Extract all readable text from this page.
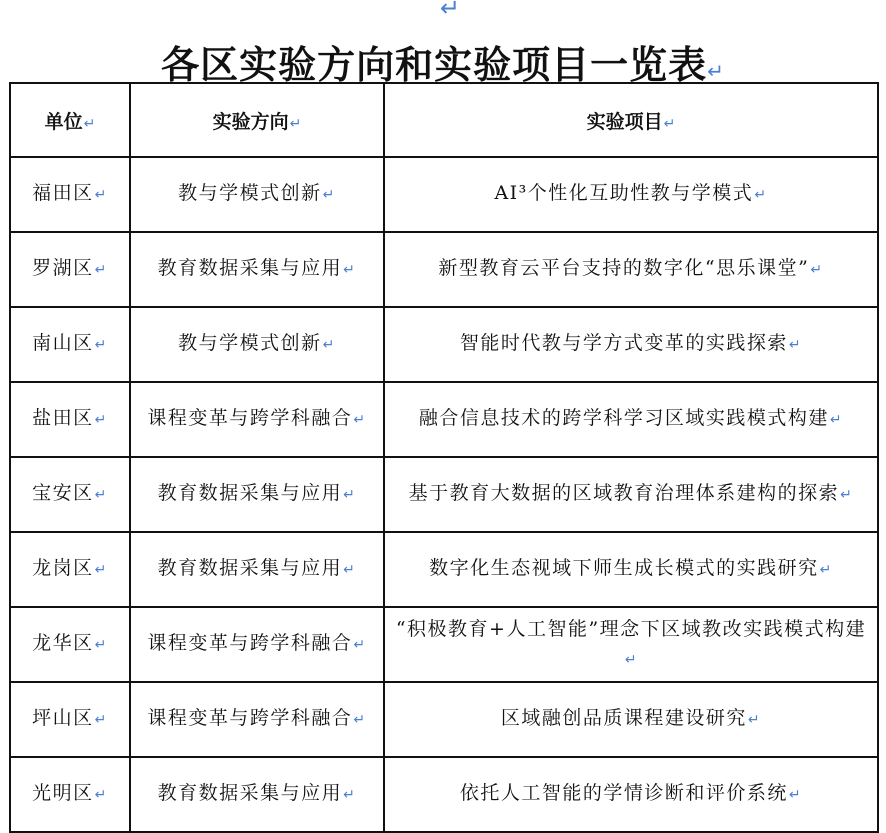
↵
各区实验方向和实验项目一览表↵
单位↵	实验方向↵	实验项目↵
福田区↵	教与学模式创新↵	AI³个性化互助性教与学模式↵
罗湖区↵	教育数据采集与应用↵	新型教育云平台支持的数字化“思乐课堂”↵
南山区↵	教与学模式创新↵	智能时代教与学方式变革的实践探索↵
盐田区↵	课程变革与跨学科融合↵	融合信息技术的跨学科学习区域实践模式构建↵
宝安区↵	教育数据采集与应用↵	基于教育大数据的区域教育治理体系建构的探索↵
龙岗区↵	教育数据采集与应用↵	数字化生态视域下师生成长模式的实践研究↵
龙华区↵	课程变革与跨学科融合↵	“积极教育+人工智能”理念下区域教改实践模式构建↵
坪山区↵	课程变革与跨学科融合↵	区域融创品质课程建设研究↵
光明区↵	教育数据采集与应用↵	依托人工智能的学情诊断和评价系统↵
